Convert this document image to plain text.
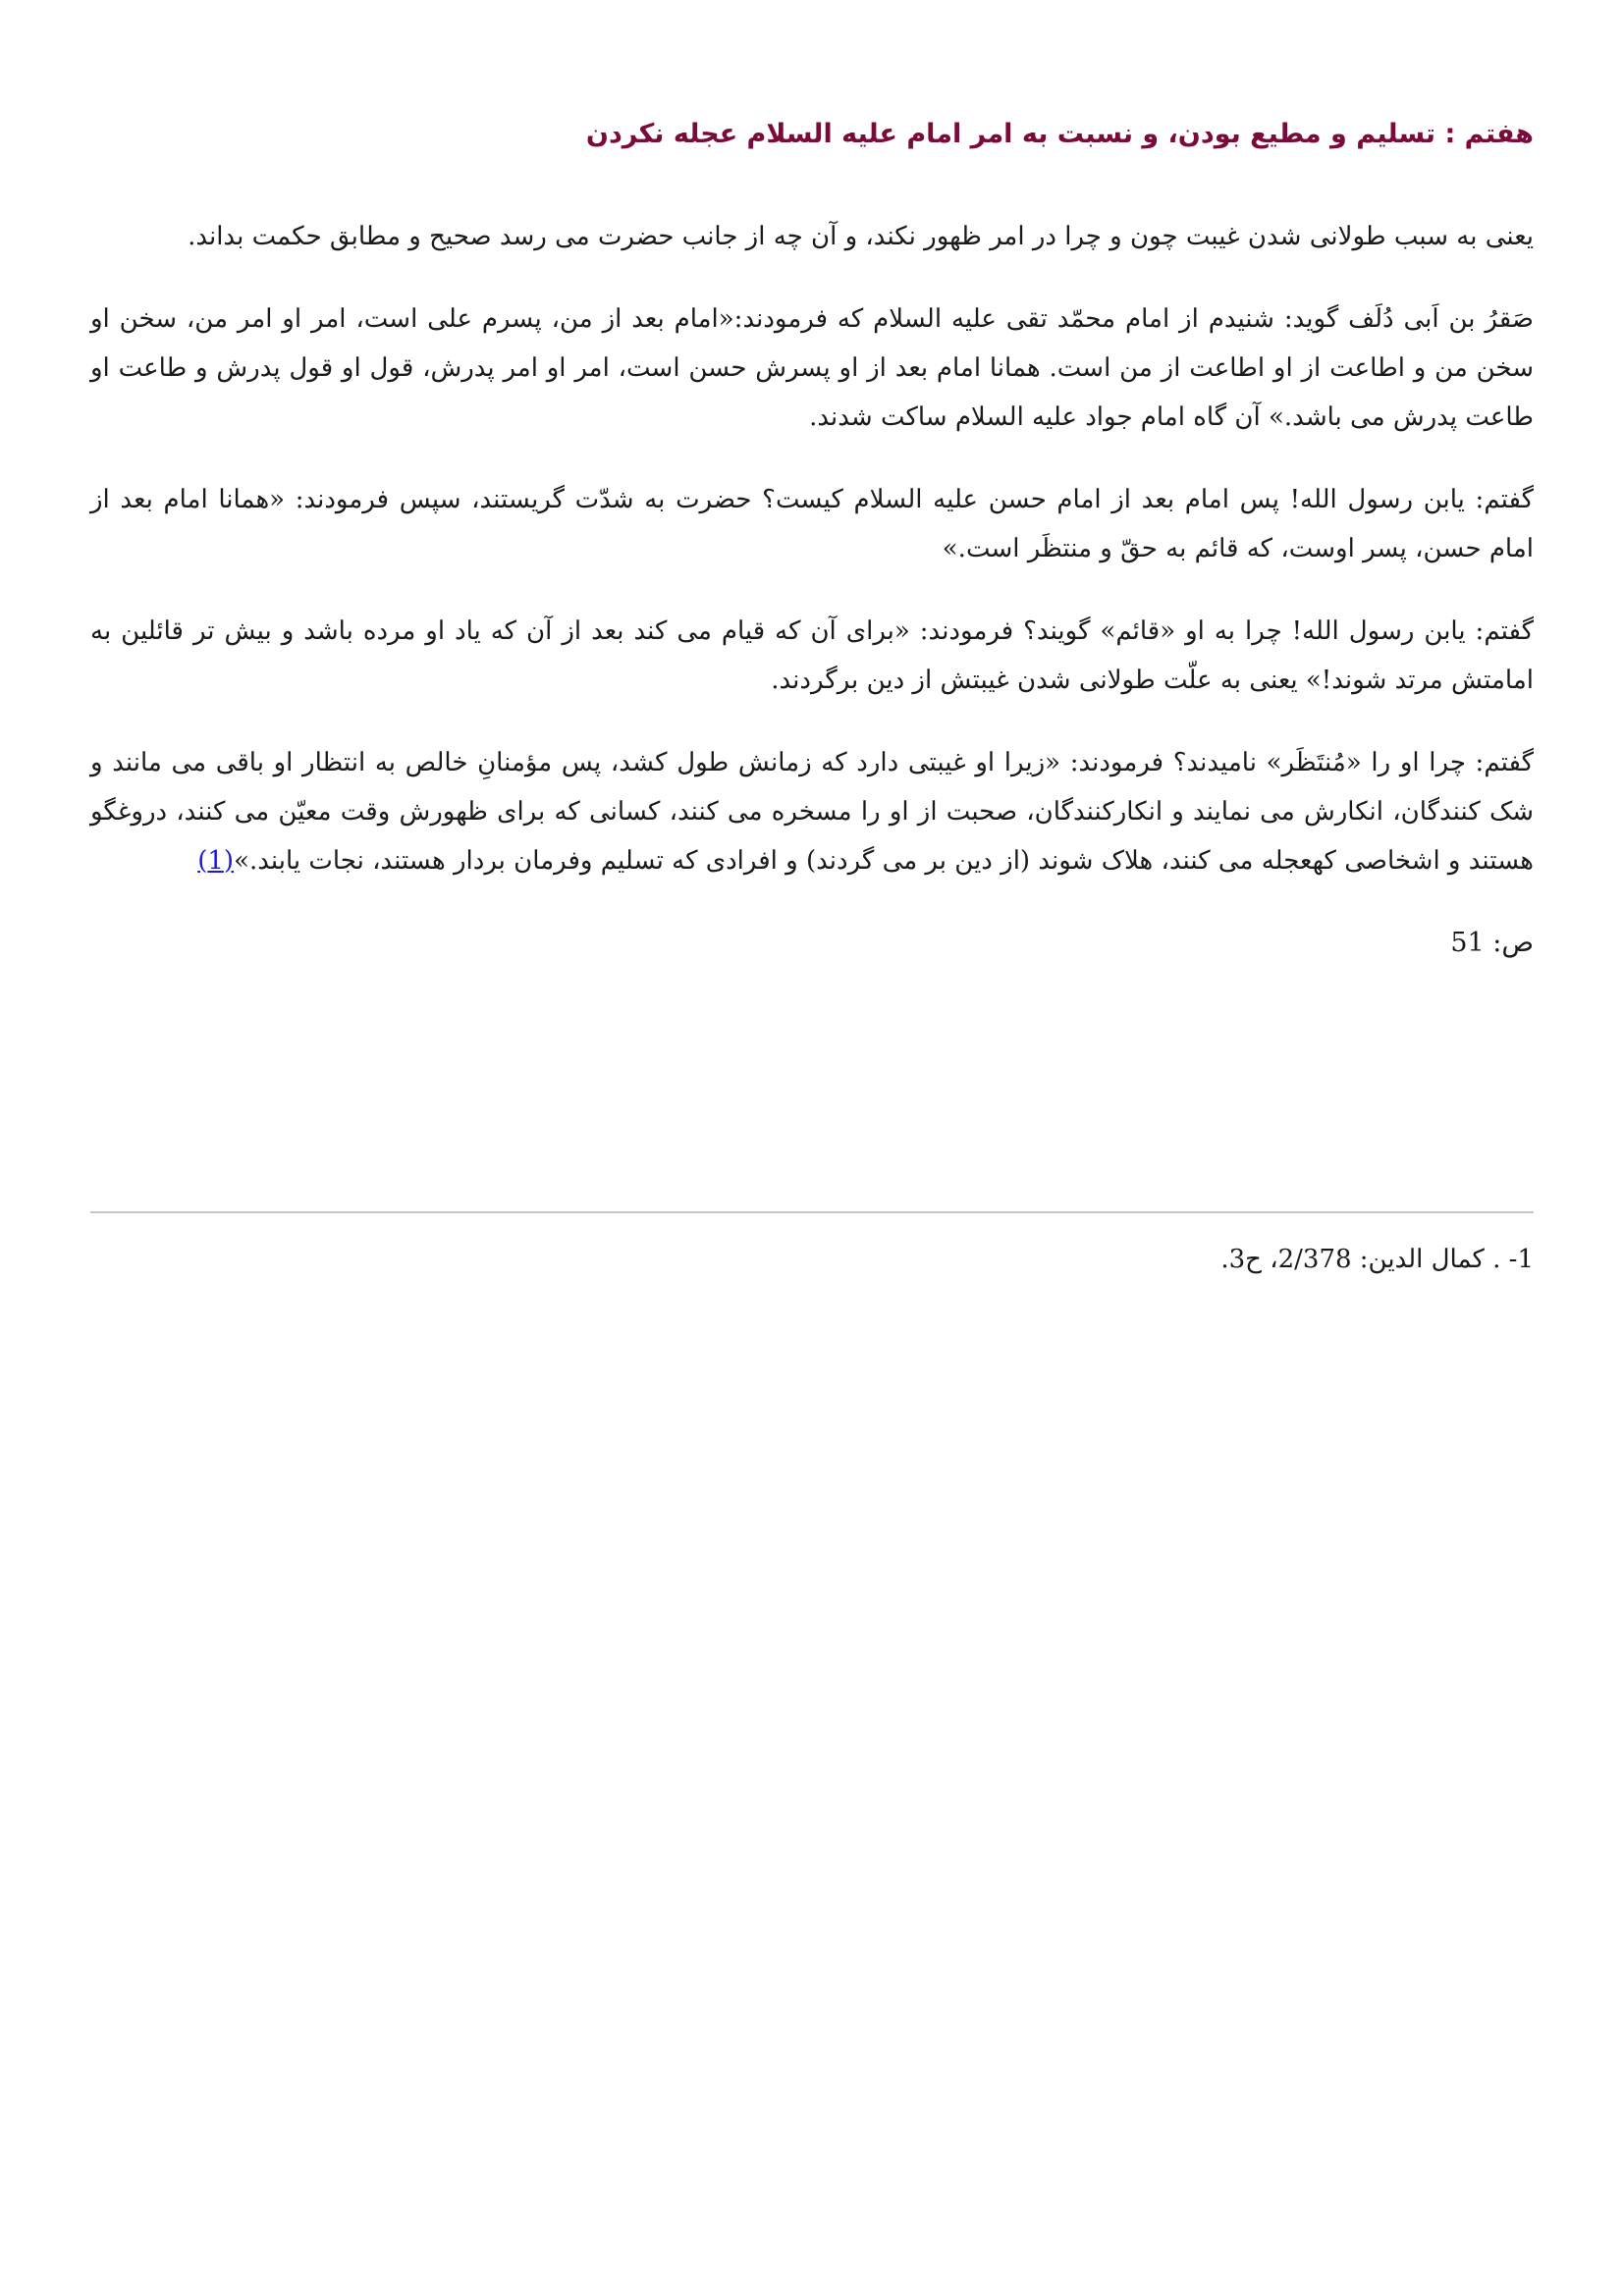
هفتم : تسلیم و مطیع بودن، و نسبت به امر امام علیه السلام عجله نکردن

یعنی به سبب طولانی شدن غیبت چون و چرا در امر ظهور نکند، و آن چه از جانب حضرت می رسد صحیح و مطابق حکمت بداند.

صَقرُ بن اَبی دُلَف گوید: شنیدم از امام محمّد تقی علیه السلام که فرمودند:«امام بعد از من، پسرم علی است، امر او امر من، سخن او سخن من و اطاعت از او اطاعت از من است. همانا امام بعد از او پسرش حسن است، امر او امر پدرش، قول او قول پدرش و طاعت او طاعت پدرش می باشد.» آن گاه امام جواد علیه السلام ساکت شدند.

گفتم: یابن رسول الله! پس امام بعد از امام حسن علیه السلام کیست؟ حضرت به شدّت گریستند، سپس فرمودند: «همانا امام بعد از امام حسن، پسر اوست، که قائم به حقّ و منتظَر است.»

گفتم: یابن رسول الله! چرا به او «قائم» گویند؟ فرمودند: «برای آن که قیام می کند بعد از آن که یاد او مرده باشد و بیش تر قائلین به امامتش مرتد شوند!» یعنی به علّت طولانی شدن غیبتش از دین برگردند.

گفتم: چرا او را «مُنتَظَر» نامیدند؟ فرمودند: «زیرا او غیبتی دارد که زمانش طول کشد، پس مؤمنانِ خالص به انتظار او باقی می مانند و شک کنندگان، انکارش می نمایند و انکارکنندگان، صحبت از او را مسخره می کنند، کسانی که برای ظهورش وقت معیّن می کنند، دروغگو هستند و اشخاصی کهعجله می کنند، هلاک شوند (از دین بر می گردند) و افرادی که تسلیم وفرمان بردار هستند، نجات یابند.»(1)

ص: 51
1- . کمال الدین: 2/378، ح3.
